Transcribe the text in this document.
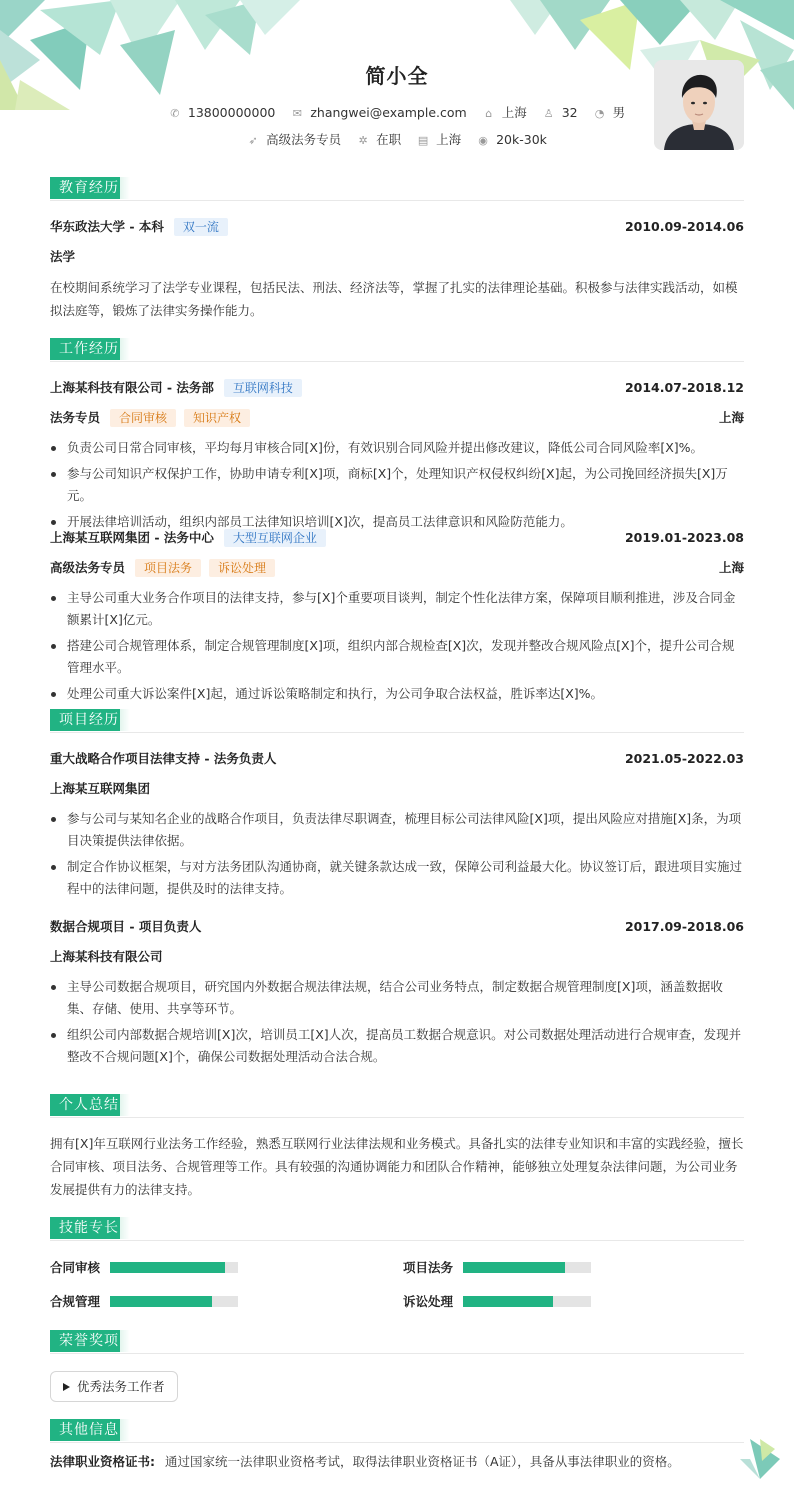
简小全
✆ 13800000000 ✉ zhangwei@example.com ⌂ 上海 ♙ 32 ◔ 男
➶ 高级法务专员 ✲ 在职 ▤ 上海 ◉ 20k-30k
教育经历
华东政法大学 - 本科 双一流	2010.09-2014.06
法学
在校期间系统学习了法学专业课程，包括民法、刑法、经济法等，掌握了扎实的法律理论基础。积极参与法律实践活动，如模拟法庭等，锻炼了法律实务操作能力。
工作经历
上海某科技有限公司 - 法务部 互联网科技	2014.07-2018.12
法务专员 合同审核 知识产权	上海
负责公司日常合同审核，平均每月审核合同[X]份，有效识别合同风险并提出修改建议，降低公司合同风险率[X]%。
参与公司知识产权保护工作，协助申请专利[X]项，商标[X]个，处理知识产权侵权纠纷[X]起，为公司挽回经济损失[X]万元。
开展法律培训活动，组织内部员工法律知识培训[X]次，提高员工法律意识和风险防范能力。
上海某互联网集团 - 法务中心 大型互联网企业	2019.01-2023.08
高级法务专员 项目法务 诉讼处理	上海
主导公司重大业务合作项目的法律支持，参与[X]个重要项目谈判，制定个性化法律方案，保障项目顺利推进，涉及合同金额累计[X]亿元。
搭建公司合规管理体系，制定合规管理制度[X]项，组织内部合规检查[X]次，发现并整改合规风险点[X]个，提升公司合规管理水平。
处理公司重大诉讼案件[X]起，通过诉讼策略制定和执行，为公司争取合法权益，胜诉率达[X]%。
项目经历
重大战略合作项目法律支持 - 法务负责人	2021.05-2022.03
上海某互联网集团
参与公司与某知名企业的战略合作项目，负责法律尽职调查，梳理目标公司法律风险[X]项，提出风险应对措施[X]条，为项目决策提供法律依据。
制定合作协议框架，与对方法务团队沟通协商，就关键条款达成一致，保障公司利益最大化。协议签订后，跟进项目实施过程中的法律问题，提供及时的法律支持。
数据合规项目 - 项目负责人	2017.09-2018.06
上海某科技有限公司
主导公司数据合规项目，研究国内外数据合规法律法规，结合公司业务特点，制定数据合规管理制度[X]项，涵盖数据收集、存储、使用、共享等环节。
组织公司内部数据合规培训[X]次，培训员工[X]人次，提高员工数据合规意识。对公司数据处理活动进行合规审查，发现并整改不合规问题[X]个，确保公司数据处理活动合法合规。
个人总结
拥有[X]年互联网行业法务工作经验，熟悉互联网行业法律法规和业务模式。具备扎实的法律专业知识和丰富的实践经验，擅长合同审核、项目法务、合规管理等工作。具有较强的沟通协调能力和团队合作精神，能够独立处理复杂法律问题，为公司业务发展提供有力的法律支持。
技能专长
合同审核	项目法务
合规管理	诉讼处理
荣誉奖项
优秀法务工作者
其他信息
法律职业资格证书: 通过国家统一法律职业资格考试，取得法律职业资格证书（A证），具备从事法律职业的资格。
